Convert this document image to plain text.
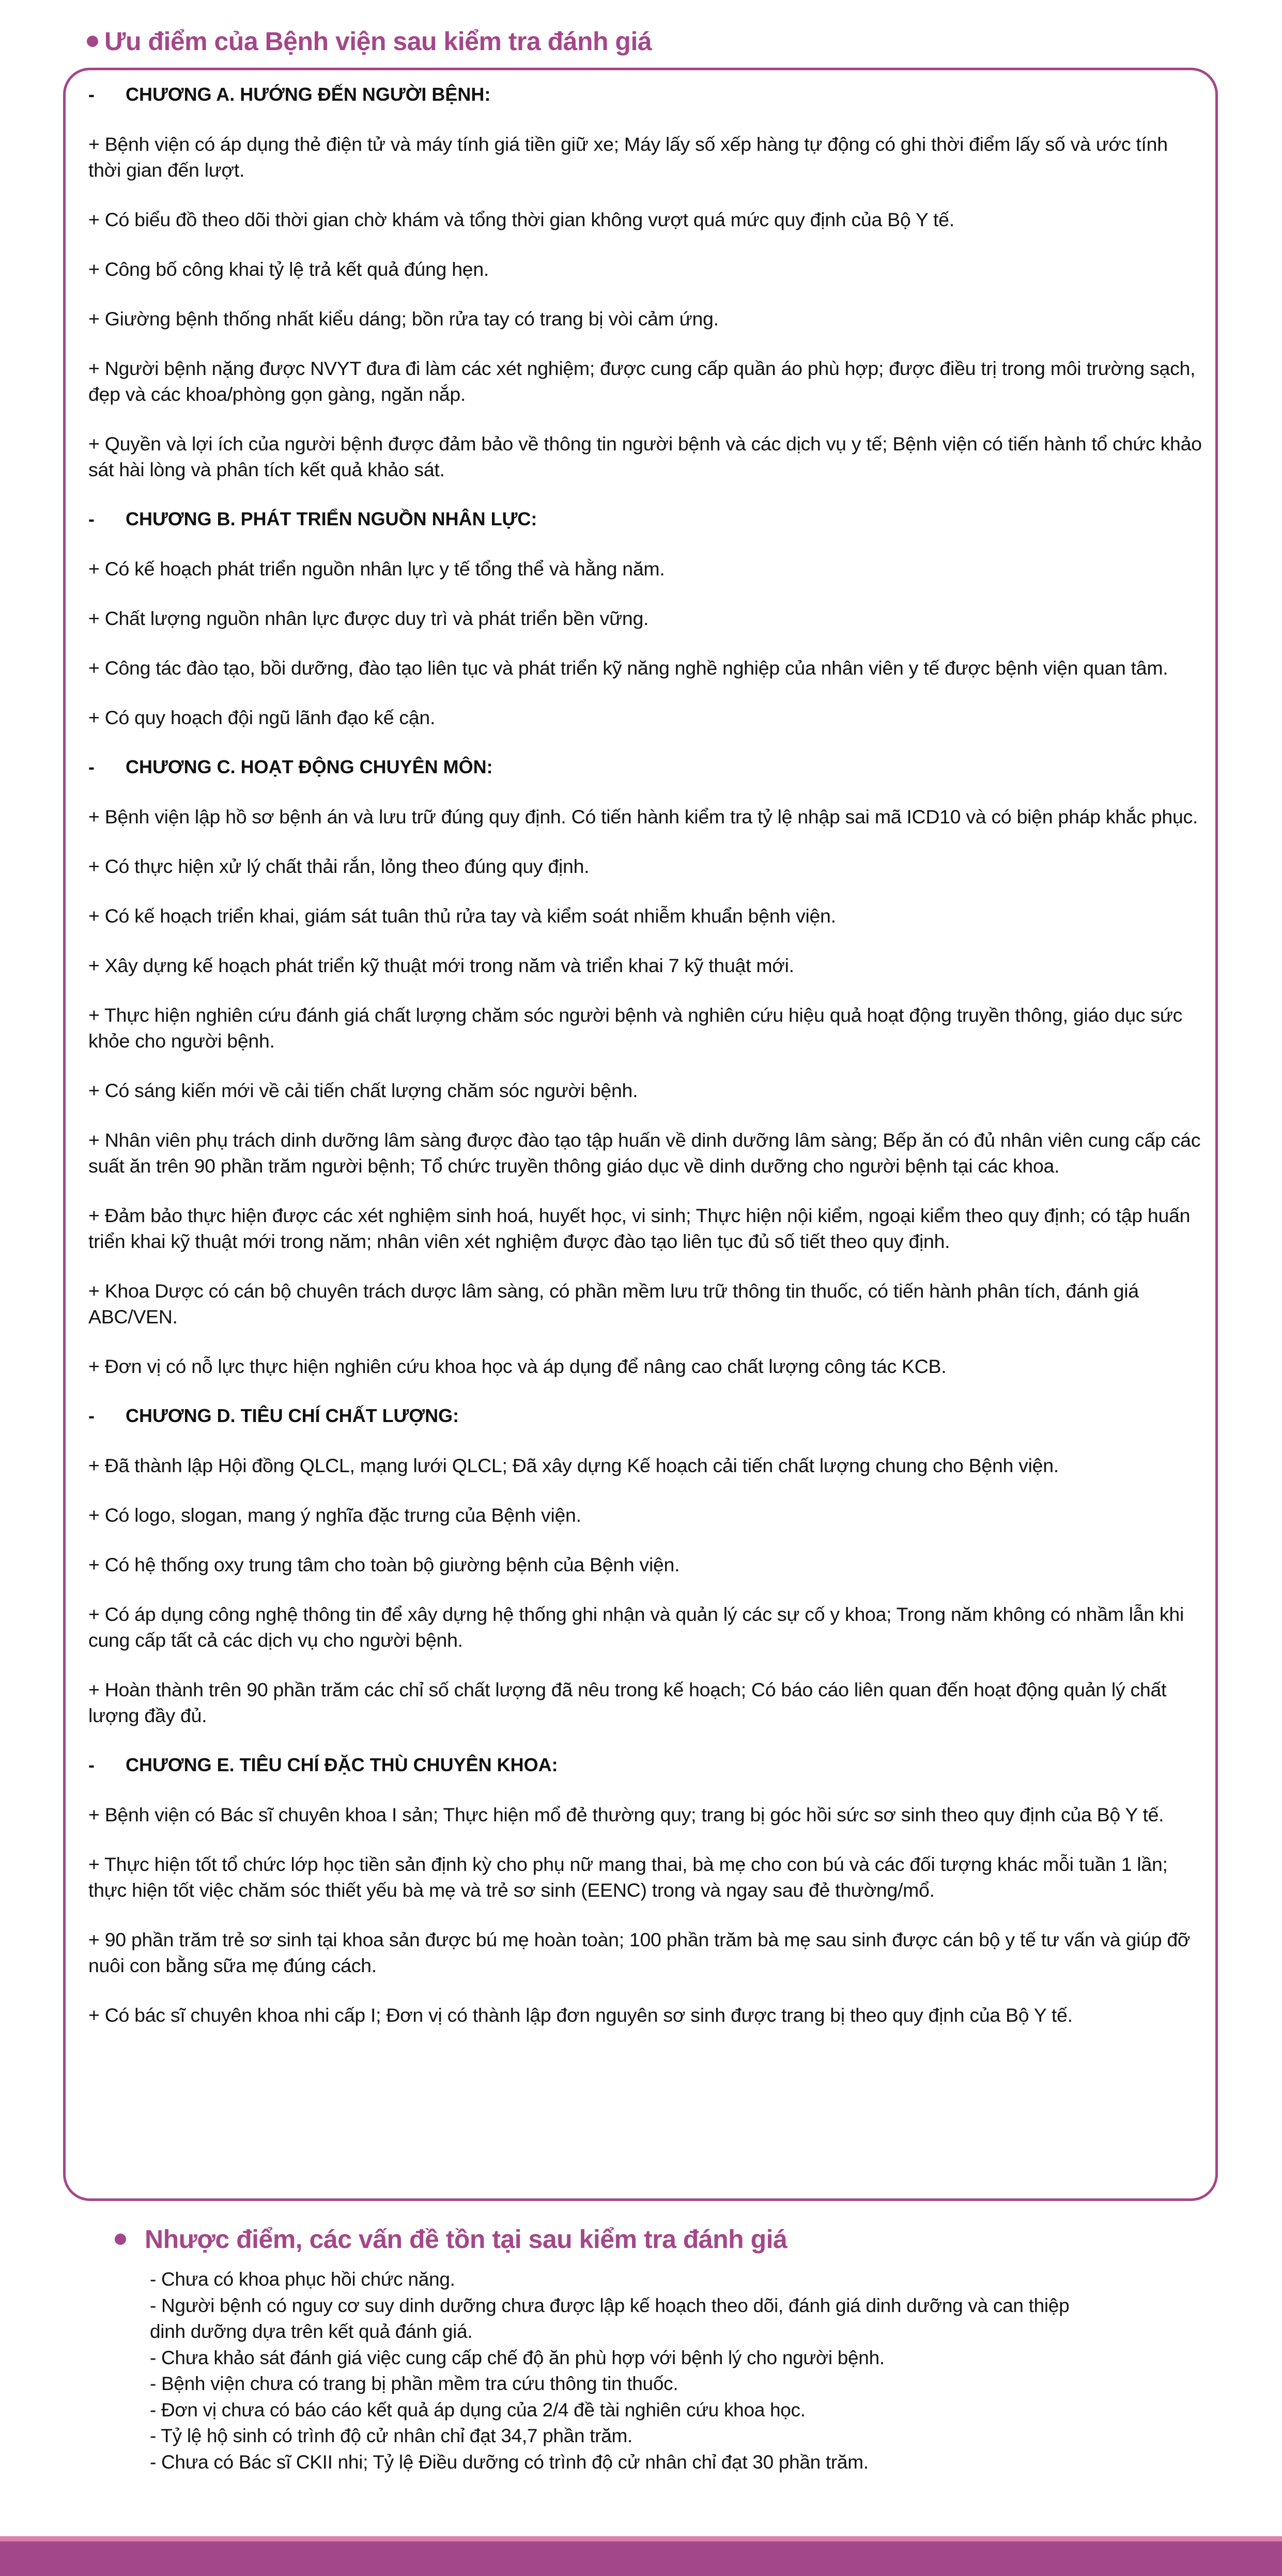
Ưu điểm của Bệnh viện sau kiểm tra đánh giá
- CHƯƠNG A. HƯỚNG ĐẾN NGƯỜI BỆNH:
+ Bệnh viện có áp dụng thẻ điện tử và máy tính giá tiền giữ xe; Máy lấy số xếp hàng tự động có ghi thời điểm lấy số và ước tính thời gian đến lượt.
+ Có biểu đồ theo dõi thời gian chờ khám và tổng thời gian không vượt quá mức quy định của Bộ Y tế.
+ Công bố công khai tỷ lệ trả kết quả đúng hẹn.
+ Giường bệnh thống nhất kiểu dáng; bồn rửa tay có trang bị vòi cảm ứng.
+ Người bệnh nặng được NVYT đưa đi làm các xét nghiệm; được cung cấp quần áo phù hợp; được điều trị trong môi trường sạch, đẹp và các khoa/phòng gọn gàng, ngăn nắp.
+ Quyền và lợi ích của người bệnh được đảm bảo về thông tin người bệnh và các dịch vụ y tế; Bệnh viện có tiến hành tổ chức khảo sát hài lòng và phân tích kết quả khảo sát.
- CHƯƠNG B. PHÁT TRIỂN NGUỒN NHÂN LỰC:
+ Có kế hoạch phát triển nguồn nhân lực y tế tổng thể và hằng năm.
+ Chất lượng nguồn nhân lực được duy trì và phát triển bền vững.
+ Công tác đào tạo, bồi dưỡng, đào tạo liên tục và phát triển kỹ năng nghề nghiệp của nhân viên y tế được bệnh viện quan tâm.
+ Có quy hoạch đội ngũ lãnh đạo kế cận.
- CHƯƠNG C. HOẠT ĐỘNG CHUYÊN MÔN:
+ Bệnh viện lập hồ sơ bệnh án và lưu trữ đúng quy định. Có tiến hành kiểm tra tỷ lệ nhập sai mã ICD10 và có biện pháp khắc phục.
+ Có thực hiện xử lý chất thải rắn, lỏng theo đúng quy định.
+ Có kế hoạch triển khai, giám sát tuân thủ rửa tay và kiểm soát nhiễm khuẩn bệnh viện.
+ Xây dựng kế hoạch phát triển kỹ thuật mới trong năm và triển khai 7 kỹ thuật mới.
+ Thực hiện nghiên cứu đánh giá chất lượng chăm sóc người bệnh và nghiên cứu hiệu quả hoạt động truyền thông, giáo dục sức khỏe cho người bệnh.
+ Có sáng kiến mới về cải tiến chất lượng chăm sóc người bệnh.
+ Nhân viên phụ trách dinh dưỡng lâm sàng được đào tạo tập huấn về dinh dưỡng lâm sàng; Bếp ăn có đủ nhân viên cung cấp các suất ăn trên 90 phần trăm người bệnh; Tổ chức truyền thông giáo dục về dinh dưỡng cho người bệnh tại các khoa.
+ Đảm bảo thực hiện được các xét nghiệm sinh hoá, huyết học, vi sinh; Thực hiện nội kiểm, ngoại kiểm theo quy định; có tập huấn triển khai kỹ thuật mới trong năm; nhân viên xét nghiệm được đào tạo liên tục đủ số tiết theo quy định.
+ Khoa Dược có cán bộ chuyên trách dược lâm sàng, có phần mềm lưu trữ thông tin thuốc, có tiến hành phân tích, đánh giá ABC/VEN.
+ Đơn vị có nỗ lực thực hiện nghiên cứu khoa học và áp dụng để nâng cao chất lượng công tác KCB.
- CHƯƠNG D. TIÊU CHÍ CHẤT LƯỢNG:
+ Đã thành lập Hội đồng QLCL, mạng lưới QLCL; Đã xây dựng Kế hoạch cải tiến chất lượng chung cho Bệnh viện.
+ Có logo, slogan, mang ý nghĩa đặc trưng của Bệnh viện.
+ Có hệ thống oxy trung tâm cho toàn bộ giường bệnh của Bệnh viện.
+ Có áp dụng công nghệ thông tin để xây dựng hệ thống ghi nhận và quản lý các sự cố y khoa; Trong năm không có nhầm lẫn khi cung cấp tất cả các dịch vụ cho người bệnh.
+ Hoàn thành trên 90 phần trăm các chỉ số chất lượng đã nêu trong kế hoạch; Có báo cáo liên quan đến hoạt động quản lý chất lượng đầy đủ.
- CHƯƠNG E. TIÊU CHÍ ĐẶC THÙ CHUYÊN KHOA:
+ Bệnh viện có Bác sĩ chuyên khoa I sản; Thực hiện mổ đẻ thường quy; trang bị góc hồi sức sơ sinh theo quy định của Bộ Y tế.
+ Thực hiện tốt tổ chức lớp học tiền sản định kỳ cho phụ nữ mang thai, bà mẹ cho con bú và các đối tượng khác mỗi tuần 1 lần; thực hiện tốt việc chăm sóc thiết yếu bà mẹ và trẻ sơ sinh (EENC) trong và ngay sau đẻ thường/mổ.
+ 90 phần trăm trẻ sơ sinh tại khoa sản được bú mẹ hoàn toàn; 100 phần trăm bà mẹ sau sinh được cán bộ y tế tư vấn và giúp đỡ nuôi con bằng sữa mẹ đúng cách.
+ Có bác sĩ chuyên khoa nhi cấp I; Đơn vị có thành lập đơn nguyên sơ sinh được trang bị theo quy định của Bộ Y tế.
Nhược điểm, các vấn đề tồn tại sau kiểm tra đánh giá
- Chưa có khoa phục hồi chức năng.
- Người bệnh có nguy cơ suy dinh dưỡng chưa được lập kế hoạch theo dõi, đánh giá dinh dưỡng và can thiệp dinh dưỡng dựa trên kết quả đánh giá.
- Chưa khảo sát đánh giá việc cung cấp chế độ ăn phù hợp với bệnh lý cho người bệnh.
- Bệnh viện chưa có trang bị phần mềm tra cứu thông tin thuốc.
- Đơn vị chưa có báo cáo kết quả áp dụng của 2/4 đề tài nghiên cứu khoa học.
- Tỷ lệ hộ sinh có trình độ cử nhân chỉ đạt 34,7 phần trăm.
- Chưa có Bác sĩ CKII nhi; Tỷ lệ Điều dưỡng có trình độ cử nhân chỉ đạt 30 phần trăm.
